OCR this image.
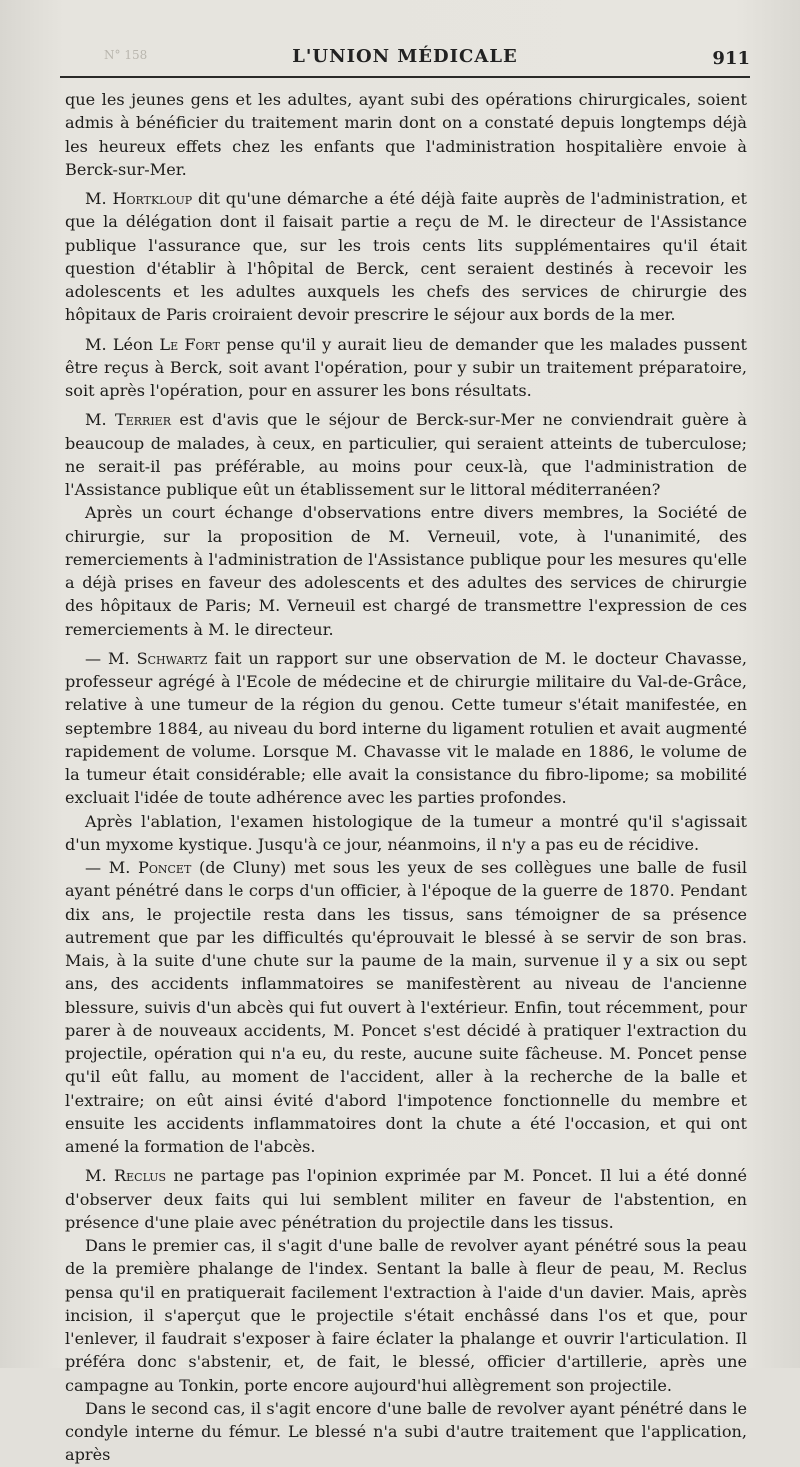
N° 158	L'UNION MÉDICALE	911

que les jeunes gens et les adultes, ayant subi des opérations chirurgicales, soient admis à bénéficier du traitement marin dont on a constaté depuis longtemps déjà les heureux effets chez les enfants que l'administration hospitalière envoie à Berck-sur-Mer.

M. Hortkloup dit qu'une démarche a été déjà faite auprès de l'administration, et que la délégation dont il faisait partie a reçu de M. le directeur de l'Assistance publique l'assurance que, sur les trois cents lits supplémentaires qu'il était question d'établir à l'hôpital de Berck, cent seraient destinés à recevoir les adolescents et les adultes auxquels les chefs des services de chirurgie des hôpitaux de Paris croiraient devoir prescrire le séjour aux bords de la mer.

M. Léon Le Fort pense qu'il y aurait lieu de demander que les malades pussent être reçus à Berck, soit avant l'opération, pour y subir un traitement préparatoire, soit après l'opération, pour en assurer les bons résultats.

M. Terrier est d'avis que le séjour de Berck-sur-Mer ne conviendrait guère à beaucoup de malades, à ceux, en particulier, qui seraient atteints de tuberculose; ne serait-il pas préférable, au moins pour ceux-là, que l'administration de l'Assistance publique eût un établissement sur le littoral méditerranéen?

Après un court échange d'observations entre divers membres, la Société de chirurgie, sur la proposition de M. Verneuil, vote, à l'unanimité, des remerciements à l'administration de l'Assistance publique pour les mesures qu'elle a déjà prises en faveur des adolescents et des adultes des services de chirurgie des hôpitaux de Paris; M. Verneuil est chargé de transmettre l'expression de ces remerciements à M. le directeur.

— M. Schwartz fait un rapport sur une observation de M. le docteur Chavasse, professeur agrégé à l'Ecole de médecine et de chirurgie militaire du Val-de-Grâce, relative à une tumeur de la région du genou. Cette tumeur s'était manifestée, en septembre 1884, au niveau du bord interne du ligament rotulien et avait augmenté rapidement de volume. Lorsque M. Chavasse vit le malade en 1886, le volume de la tumeur était considérable; elle avait la consistance du fibro-lipome; sa mobilité excluait l'idée de toute adhérence avec les parties profondes.

Après l'ablation, l'examen histologique de la tumeur a montré qu'il s'agissait d'un myxome kystique. Jusqu'à ce jour, néanmoins, il n'y a pas eu de récidive.

— M. Poncet (de Cluny) met sous les yeux de ses collègues une balle de fusil ayant pénétré dans le corps d'un officier, à l'époque de la guerre de 1870. Pendant dix ans, le projectile resta dans les tissus, sans témoigner de sa présence autrement que par les difficultés qu'éprouvait le blessé à se servir de son bras. Mais, à la suite d'une chute sur la paume de la main, survenue il y a six ou sept ans, des accidents inflammatoires se manifestèrent au niveau de l'ancienne blessure, suivis d'un abcès qui fut ouvert à l'extérieur. Enfin, tout récemment, pour parer à de nouveaux accidents, M. Poncet s'est décidé à pratiquer l'extraction du projectile, opération qui n'a eu, du reste, aucune suite fâcheuse. M. Poncet pense qu'il eût fallu, au moment de l'accident, aller à la recherche de la balle et l'extraire; on eût ainsi évité d'abord l'impotence fonctionnelle du membre et ensuite les accidents inflammatoires dont la chute a été l'occasion, et qui ont amené la formation de l'abcès.

M. Reclus ne partage pas l'opinion exprimée par M. Poncet. Il lui a été donné d'observer deux faits qui lui semblent militer en faveur de l'abstention, en présence d'une plaie avec pénétration du projectile dans les tissus.

Dans le premier cas, il s'agit d'une balle de revolver ayant pénétré sous la peau de la première phalange de l'index. Sentant la balle à fleur de peau, M. Reclus pensa qu'il en pratiquerait facilement l'extraction à l'aide d'un davier. Mais, après incision, il s'aperçut que le projectile s'était enchâssé dans l'os et que, pour l'enlever, il faudrait s'exposer à faire éclater la phalange et ouvrir l'articulation. Il préféra donc s'abstenir, et, de fait, le blessé, officier d'artillerie, après une campagne au Tonkin, porte encore aujourd'hui allègrement son projectile.

Dans le second cas, il s'agit encore d'une balle de revolver ayant pénétré dans le condyle interne du fémur. Le blessé n'a subi d'autre traitement que l'application, après
